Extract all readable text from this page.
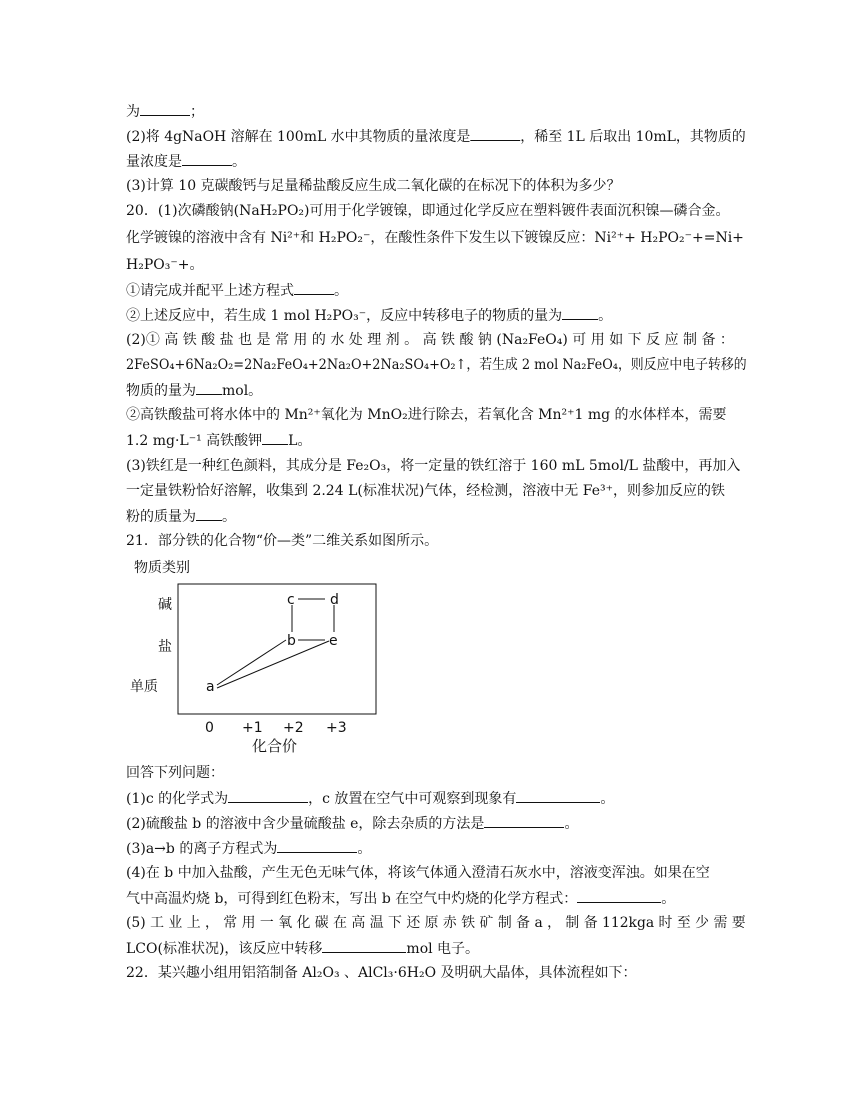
为	；
(2)将 4gNaOH 溶解在 100mL 水中其物质的量浓度是	，稀至 1L 后取出 10mL，其物质的
量浓度是	。
(3)计算 10 克碳酸钙与足量稀盐酸反应生成二氧化碳的在标况下的体积为多少？
20．(1)次磷酸钠(NaH₂PO₂)可用于化学镀镍，即通过化学反应在塑料镀件表面沉积镍—磷合金。
化学镀镍的溶液中含有 Ni²⁺和 H₂PO₂⁻，在酸性条件下发生以下镀镍反应：Ni²⁺+ H₂PO₂⁻+=Ni+
H₂PO₃⁻+。
①请完成并配平上述方程式	。
②上述反应中，若生成 1 mol H₂PO₃⁻，反应中转移电子的物质的量为	。
(2)① 高 铁 酸 盐 也 是 常 用 的 水 处 理 剂 。 高 铁 酸 钠 (Na₂FeO₄) 可 用 如 下 反 应 制 备 ：
2FeSO₄+6Na₂O₂=2Na₂FeO₄+2Na₂O+2Na₂SO₄+O₂↑，若生成 2 mol Na₂FeO₄，则反应中电子转移的
物质的量为 mol。
②高铁酸盐可将水体中的 Mn²⁺氧化为 MnO₂进行除去，若氧化含 Mn²⁺1 mg 的水体样本，需要
1.2 mg·L⁻¹ 高铁酸钾 L。
(3)铁红是一种红色颜料，其成分是 Fe₂O₃，将一定量的铁红溶于 160 mL 5mol/L 盐酸中，再加入
一定量铁粉恰好溶解，收集到 2.24 L(标准状况)气体，经检测，溶液中无 Fe³⁺，则参加反应的铁
粉的质量为 。
21．部分铁的化合物“价—类”二维关系如图所示。
物质类别
碱
盐
单质
c	d
b e
a
0 +1 +2 +3
化合价
回答下列问题：
(1)c 的化学式为	，c 放置在空气中可观察到现象有	。
(2)硫酸盐 b 的溶液中含少量硫酸盐 e，除去杂质的方法是	。
(3)a→b 的离子方程式为	。
(4)在 b 中加入盐酸，产生无色无味气体，将该气体通入澄清石灰水中，溶液变浑浊。如果在空
气中高温灼烧 b，可得到红色粉末，写出 b 在空气中灼烧的化学方程式：	。
(5) 工 业 上 ， 常 用 一 氧 化 碳 在 高 温 下 还 原 赤 铁 矿 制 备 a ， 制 备 112kga 时 至 少 需 要
LCO(标准状况)，该反应中转移	mol 电子。
22．某兴趣小组用铝箔制备 Al₂O₃ 、AlCl₃·6H₂O 及明矾大晶体，具体流程如下：
